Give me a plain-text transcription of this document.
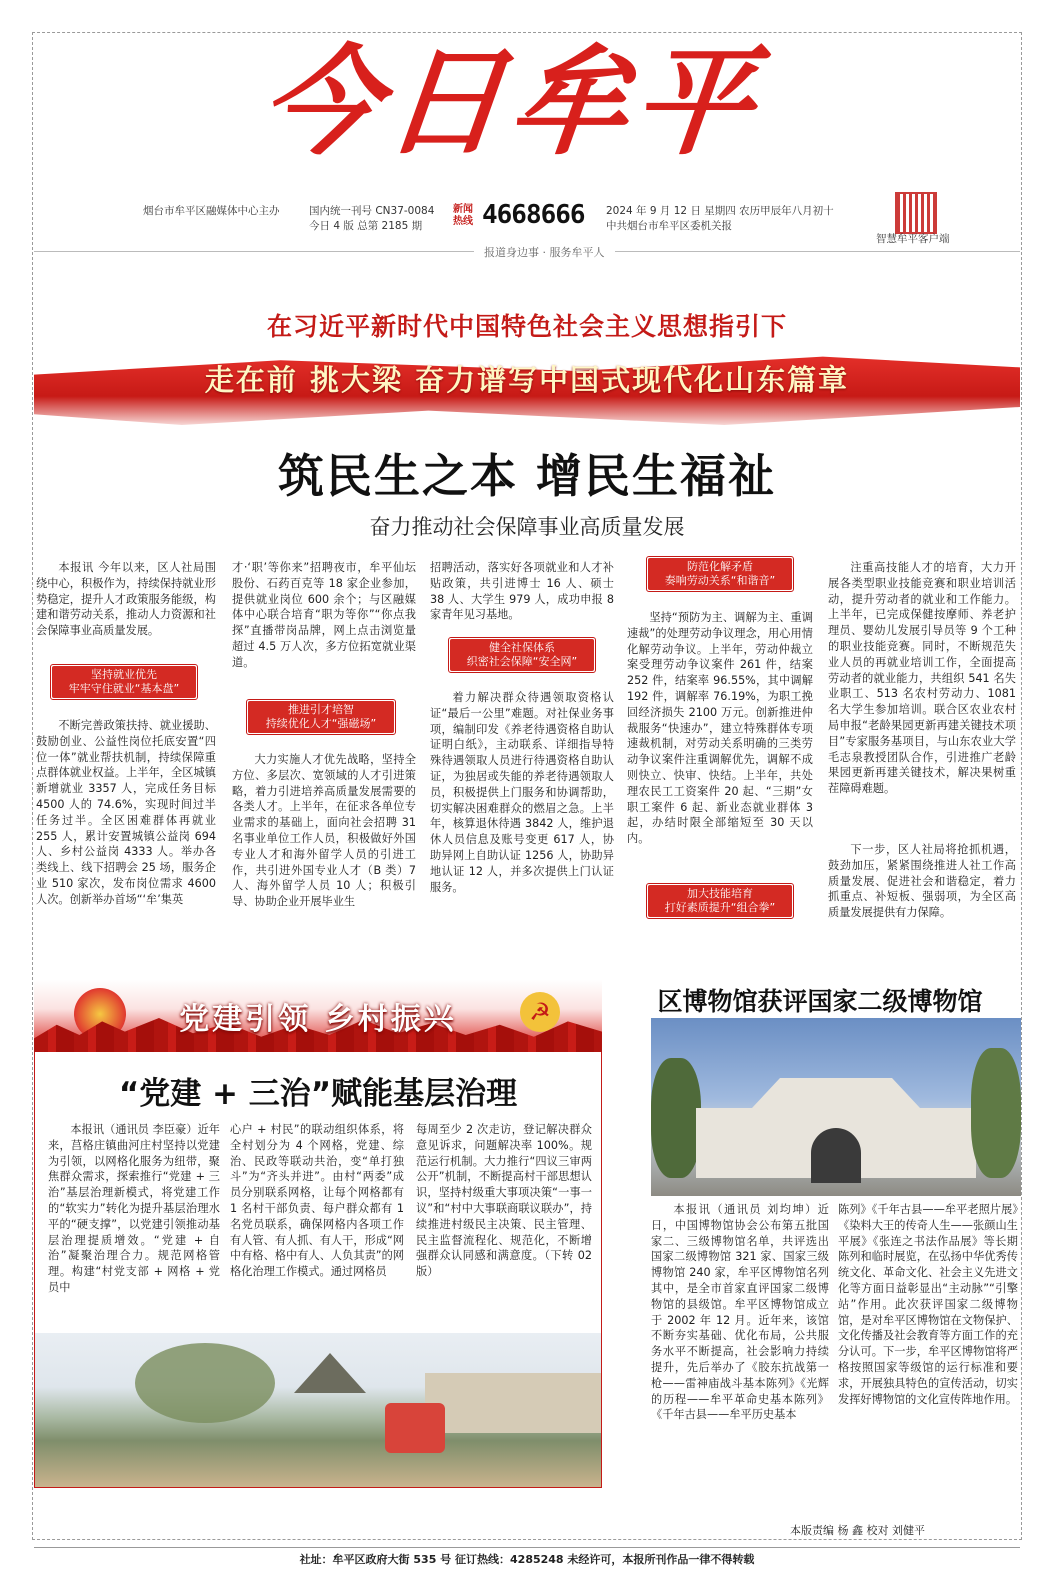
今日牟平
烟台市牟平区融媒体中心主办	国内统一刊号 CN37-0084
今日 4 版 总第 2185 期
新闻热线 4668666 2024 年 9 月 12 日 星期四 农历甲辰年八月初十
中共烟台市牟平区委机关报
智慧牟平客户端
报道身边事 · 服务牟平人
在习近平新时代中国特色社会主义思想指引下
走在前 挑大梁 奋力谱写中国式现代化山东篇章
筑民生之本 增民生福祉
奋力推动社会保障事业高质量发展
本报讯 今年以来，区人社局围绕中心，积极作为，持续保持就业形势稳定，提升人才政策服务能级，构建和谐劳动关系，推动人力资源和社会保障事业高质量发展。
坚持就业优先
牢牢守住就业“基本盘”
不断完善政策扶持、就业援助、鼓励创业、公益性岗位托底安置“四位一体”就业帮扶机制，持续保障重点群体就业权益。上半年，全区城镇新增就业 3357 人，完成任务目标 4500 人的 74.6%，实现时间过半任务过半。全区困难群体再就业 255 人，累计安置城镇公益岗 694 人、乡村公益岗 4333 人。举办各类线上、线下招聘会 25 场，服务企业 510 家次，发布岗位需求 4600 人次。创新举办首场“‘牟’集英
才·‘职’等你来”招聘夜市，牟平仙坛股份、石药百克等 18 家企业参加，提供就业岗位 600 余个；与区融媒体中心联合培育“职为等你”“你点我探”直播带岗品牌，网上点击浏览量超过 4.5 万人次，多方位拓宽就业渠道。
推进引才培智
持续优化人才“强磁场”
大力实施人才优先战略，坚持全方位、多层次、宽领域的人才引进策略，着力引进培养高质量发展需要的各类人才。上半年，在征求各单位专业需求的基础上，面向社会招聘 31 名事业单位工作人员，积极做好外国专业人才和海外留学人员的引进工作，共引进外国专业人才（B 类）7 人、海外留学人员 10 人；积极引导、协助企业开展毕业生
招聘活动，落实好各项就业和人才补贴政策，共引进博士 16 人、硕士 38 人、大学生 979 人，成功申报 8 家青年见习基地。
健全社保体系
织密社会保障“安全网”
着力解决群众待遇领取资格认证“最后一公里”难题。对社保业务事项，编制印发《养老待遇资格自助认证明白纸》，主动联系、详细指导特殊待遇领取人员进行待遇资格自助认证，为独居或失能的养老待遇领取人员，积极提供上门服务和协调帮助，切实解决困难群众的燃眉之急。上半年，核算退休待遇 3842 人，维护退休人员信息及账号变更 617 人，协助异网上自助认证 1256 人，协助异地认证 12 人，并多次提供上门认证服务。
防范化解矛盾
奏响劳动关系“和谐音”
坚持“预防为主、调解为主、重调速裁”的处理劳动争议理念，用心用情化解劳动争议。上半年，劳动仲裁立案受理劳动争议案件 261 件，结案 252 件，结案率 96.55%，其中调解 192 件，调解率 76.19%，为职工挽回经济损失 2100 万元。创新推进仲裁服务“快速办”，建立特殊群体专项速裁机制，对劳动关系明确的三类劳动争议案件注重调解优先，调解不成则快立、快审、快结。上半年，共处理农民工工资案件 20 起、“三期”女职工案件 6 起、新业态就业群体 3 起，办结时限全部缩短至 30 天以内。
加大技能培育
打好素质提升“组合拳”
注重高技能人才的培育，大力开展各类型职业技能竞赛和职业培训活动，提升劳动者的就业和工作能力。上半年，已完成保健按摩师、养老护理员、婴幼儿发展引导员等 9 个工种的职业技能竞赛。同时，不断规范失业人员的再就业培训工作，全面提高劳动者的就业能力，共组织 541 名失业职工、513 名农村劳动力、1081 名大学生参加培训。联合区农业农村局申报“老龄果园更新再建关键技术项目”专家服务基项目，与山东农业大学毛志泉教授团队合作，引进推广老龄果园更新再建关键技术，解决果树重茬障碍难题。
下一步，区人社局将抢抓机遇，鼓劲加压，紧紧围绕推进人社工作高质量发展、促进社会和谐稳定，着力抓重点、补短板、强弱项，为全区高质量发展提供有力保障。
党建引领 乡村振兴	☭
“党建 + 三治”赋能基层治理
本报讯（通讯员 李臣豪）近年来，莒格庄镇曲河庄村坚持以党建为引领，以网格化服务为纽带，聚焦群众需求，探索推行“党建 + 三治”基层治理新模式，将党建工作的“软实力”转化为提升基层治理水平的“硬支撑”，以党建引领推动基层治理提质增效。“党建 + 自治”凝聚治理合力。规范网格管理。构建“村党支部 + 网格 + 党员中
心户 + 村民”的联动组织体系，将全村划分为 4 个网格，党建、综治、民政等联动共治，变“单打独斗”为“齐头并进”。由村“两委”成员分别联系网格，让每个网格都有 1 名村干部负责、每户群众都有 1 名党员联系，确保网格内各项工作有人管、有人抓、有人干，形成“网中有格、格中有人、人负其责”的网格化治理工作模式。通过网格员
每周至少 2 次走访，登记解决群众意见诉求，问题解决率 100%。规范运行机制。大力推行“四议三审两公开”机制，不断提高村干部思想认识，坚持村级重大事项决策“一事一议”和“村中大事联商联议联办”，持续推进村级民主决策、民主管理、民主监督流程化、规范化，不断增强群众认同感和满意度。（下转 02 版）
区博物馆获评国家二级博物馆
本报讯（通讯员 刘均坤）近日，中国博物馆协会公布第五批国家二、三级博物馆名单，共评选出国家二级博物馆 321 家、国家三级博物馆 240 家，牟平区博物馆名列其中，是全市首家直评国家二级博物馆的县级馆。牟平区博物馆成立于 2002 年 12 月。近年来，该馆不断夯实基础、优化布局，公共服务水平不断提高，社会影响力持续提升，先后举办了《胶东抗战第一枪——雷神庙战斗基本陈列》《光辉的历程——牟平革命史基本陈列》《千年古县——牟平历史基本
陈列》《千年古县——牟平老照片展》《染料大王的传奇人生——张颜山生平展》《张连之书法作品展》等长期陈列和临时展览，在弘扬中华优秀传统文化、革命文化、社会主义先进文化等方面日益彰显出“主动脉”“引擎站”作用。此次获评国家二级博物馆，是对牟平区博物馆在文物保护、文化传播及社会教育等方面工作的充分认可。下一步，牟平区博物馆将严格按照国家等级馆的运行标准和要求，开展独具特色的宣传活动，切实发挥好博物馆的文化宣传阵地作用。
本版责编 杨 鑫 校对 刘健平
社址：牟平区政府大街 535 号 征订热线：4285248 未经许可，本报所刊作品一律不得转载
